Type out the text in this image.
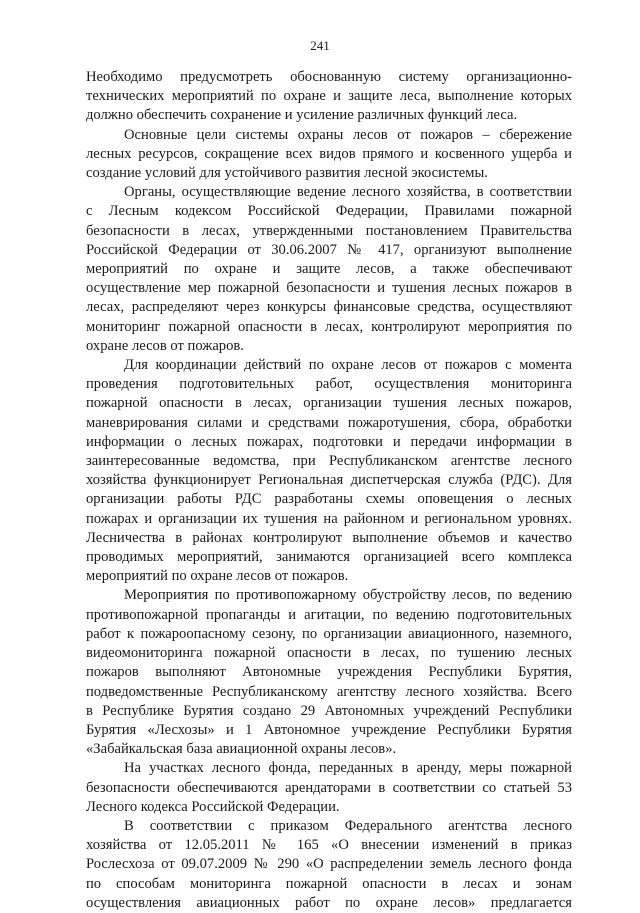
241

Необходимо предусмотреть обоснованную систему организационно-
технических мероприятий по охране и защите леса, выполнение которых
должно обеспечить сохранение и усиление различных функций леса.

Основные цели системы охраны лесов от пожаров – сбережение
лесных ресурсов, сокращение всех видов прямого и косвенного ущерба и
создание условий для устойчивого развития лесной экосистемы.

Органы, осуществляющие ведение лесного хозяйства, в соответствии
с Лесным кодексом Российской Федерации, Правилами пожарной
безопасности в лесах, утвержденными постановлением Правительства
Российской Федерации от 30.06.2007 № 417, организуют выполнение
мероприятий по охране и защите лесов, а также обеспечивают
осуществление мер пожарной безопасности и тушения лесных пожаров в
лесах, распределяют через конкурсы финансовые средства, осуществляют
мониторинг пожарной опасности в лесах, контролируют мероприятия по
охране лесов от пожаров.

Для координации действий по охране лесов от пожаров с момента
проведения подготовительных работ, осуществления мониторинга
пожарной опасности в лесах, организации тушения лесных пожаров,
маневрирования силами и средствами пожаротушения, сбора, обработки
информации о лесных пожарах, подготовки и передачи информации в
заинтересованные ведомства, при Республиканском агентстве лесного
хозяйства функционирует Региональная диспетчерская служба (РДС). Для
организации работы РДС разработаны схемы оповещения о лесных
пожарах и организации их тушения на районном и региональном уровнях.
Лесничества в районах контролируют выполнение объемов и качество
проводимых мероприятий, занимаются организацией всего комплекса
мероприятий по охране лесов от пожаров.

Мероприятия по противопожарному обустройству лесов, по ведению
противопожарной пропаганды и агитации, по ведению подготовительных
работ к пожароопасному сезону, по организации авиационного, наземного,
видеомониторинга пожарной опасности в лесах, по тушению лесных
пожаров выполняют Автономные учреждения Республики Бурятия,
подведомственные Республиканскому агентству лесного хозяйства. Всего
в Республике Бурятия создано 29 Автономных учреждений Республики
Бурятия «Лесхозы» и 1 Автономное учреждение Республики Бурятия
«Забайкальская база авиационной охраны лесов».

На участках лесного фонда, переданных в аренду, меры пожарной
безопасности обеспечиваются арендаторами в соответствии со статьей 53
Лесного кодекса Российской Федерации.

В соответствии с приказом Федерального агентства лесного
хозяйства от 12.05.2011 № 165 «О внесении изменений в приказ
Рослесхоза от 09.07.2009 № 290 «О распределении земель лесного фонда
по способам мониторинга пожарной опасности в лесах и зонам
осуществления авиационных работ по охране лесов» предлагается
